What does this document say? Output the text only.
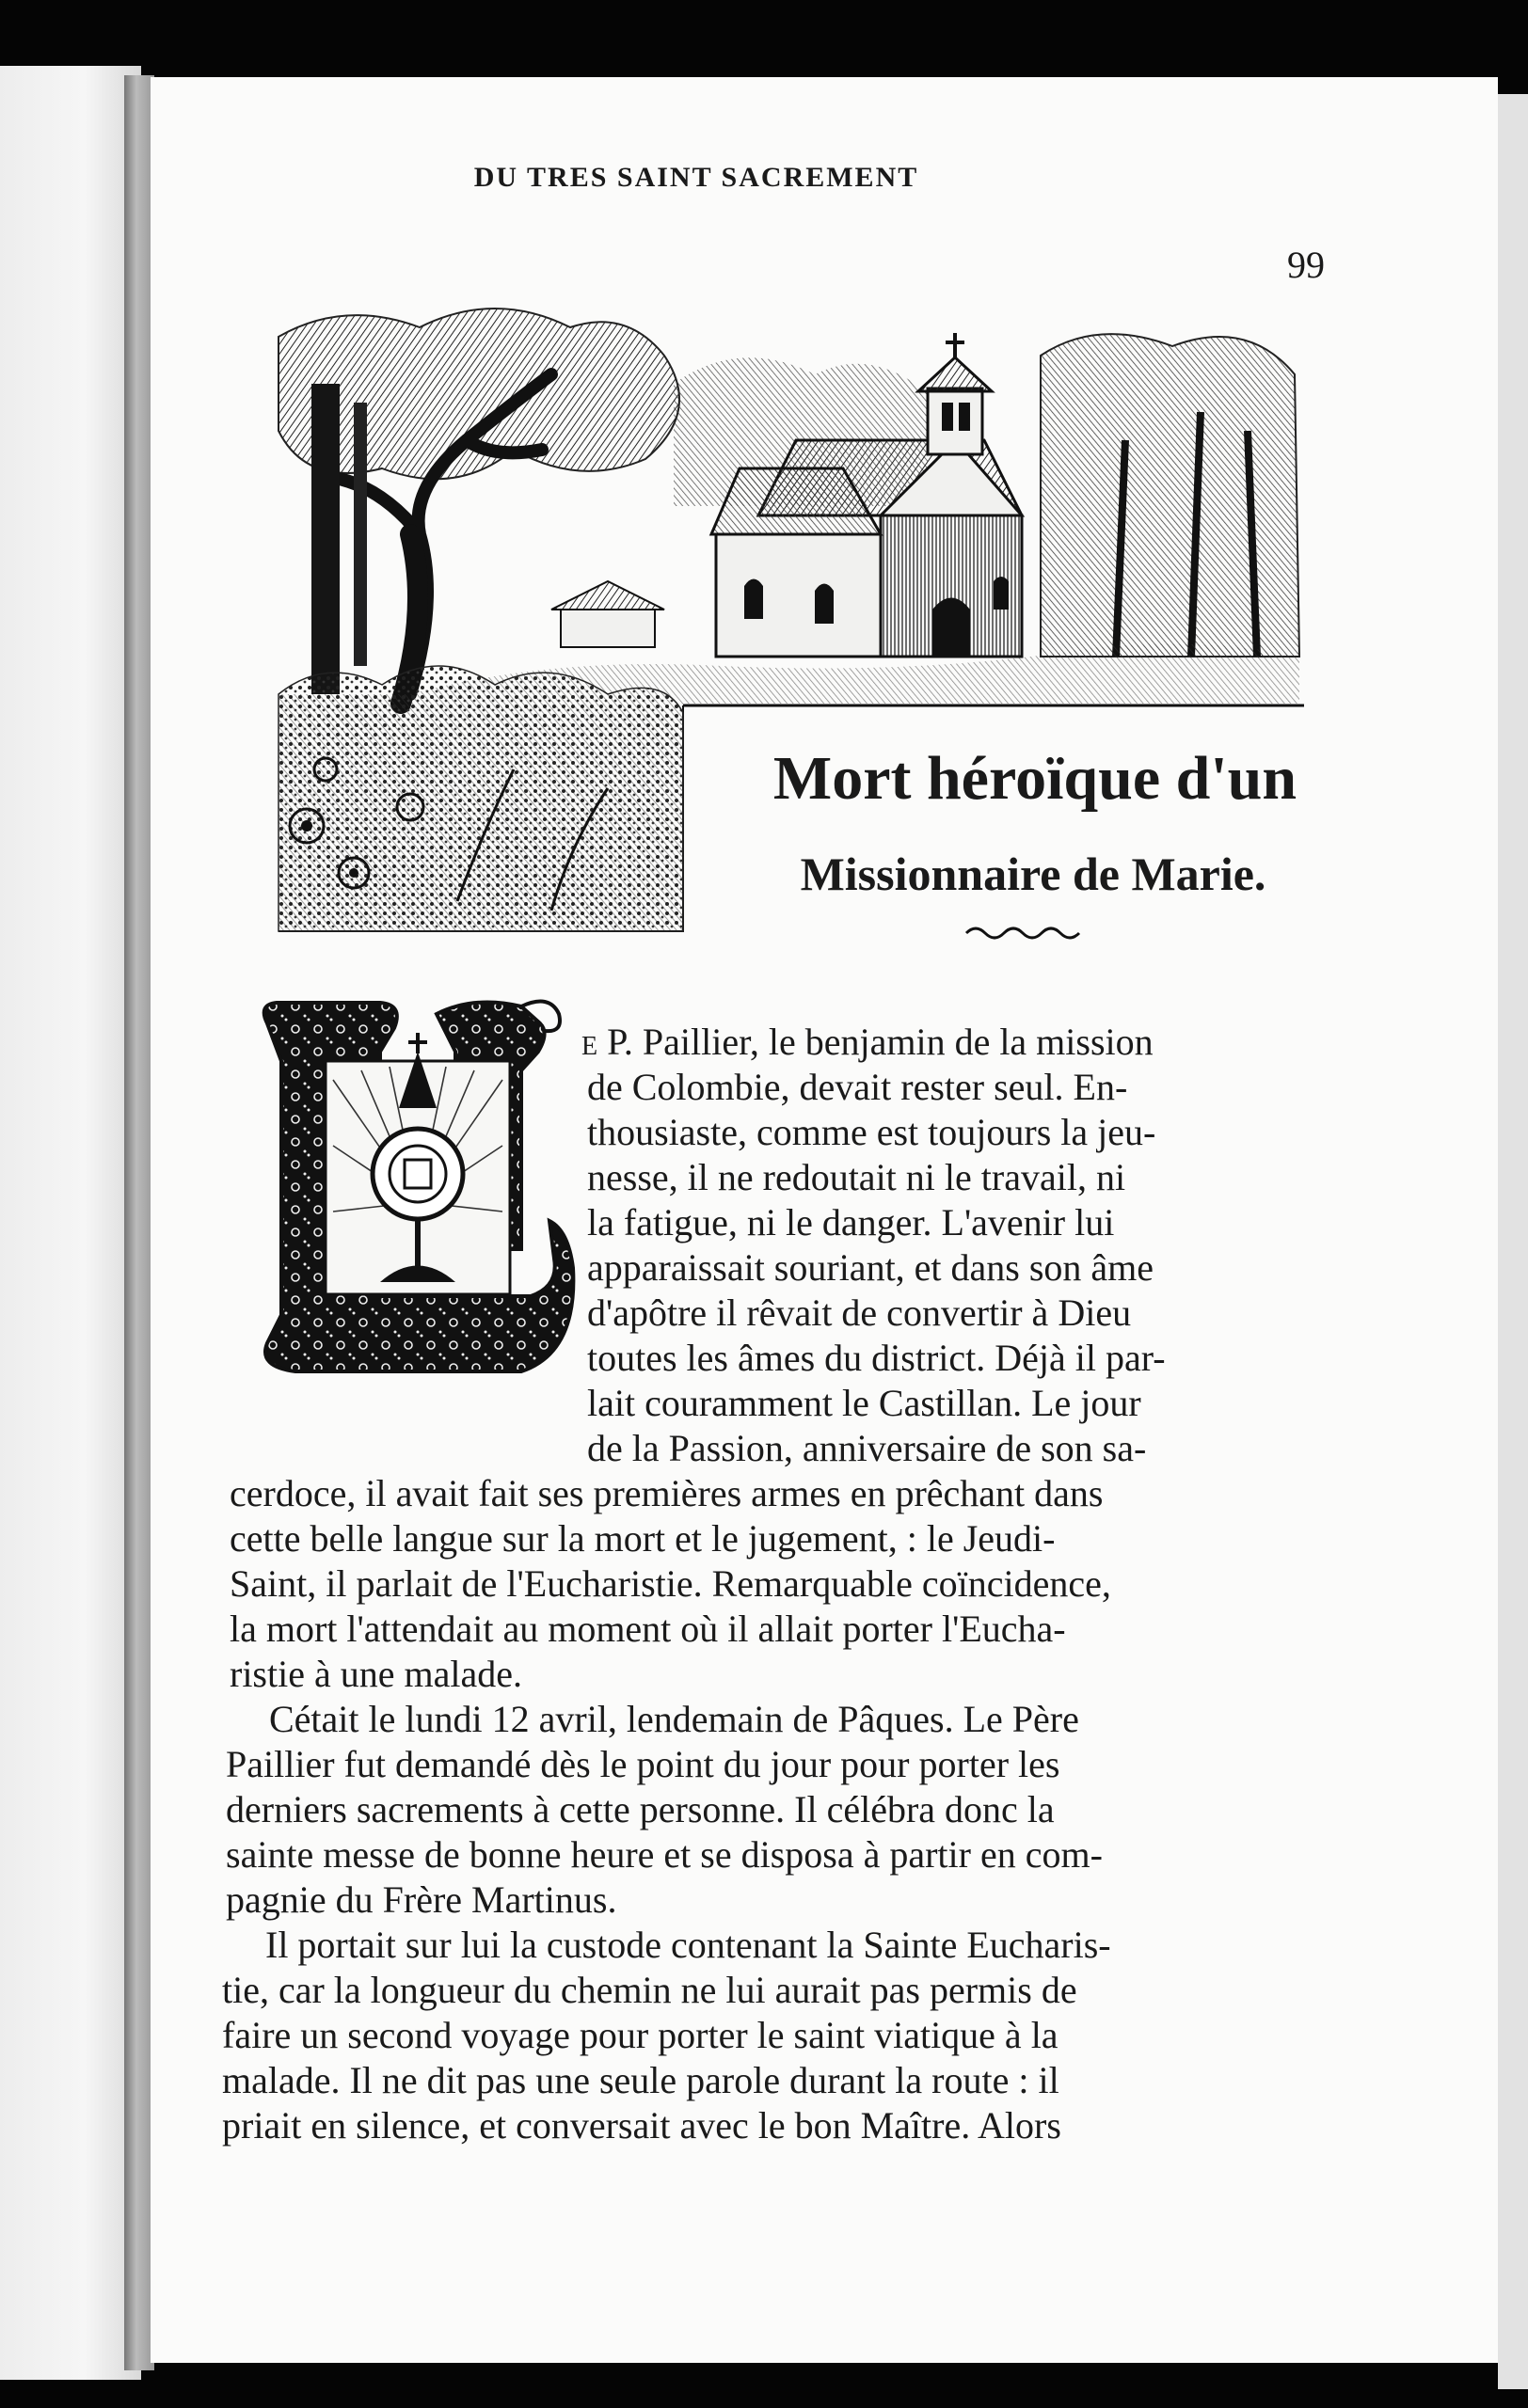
DU TRES SAINT SACREMENT
99
Mort héroïque d'un
Missionnaire de Marie.

E P. Paillier, le benjamin de la mission

de Colombie, devait rester seul. En-

thousiaste, comme est toujours la jeu-

nesse, il ne redoutait ni le travail, ni

la fatigue, ni le danger. L'avenir lui

apparaissait souriant, et dans son âme

d'apôtre il rêvait de convertir à Dieu

toutes les âmes du district. Déjà il par-

lait couramment le Castillan. Le jour

de la Passion, anniversaire de son sa-

cerdoce, il avait fait ses premières armes en prêchant dans

cette belle langue sur la mort et le jugement, : le Jeudi-

Saint, il parlait de l'Eucharistie. Remarquable coïncidence,

la mort l'attendait au moment où il allait porter l'Eucha-

ristie à une malade.

Cétait le lundi 12 avril, lendemain de Pâques. Le Père

Paillier fut demandé dès le point du jour pour porter les

derniers sacrements à cette personne. Il célébra donc la

sainte messe de bonne heure et se disposa à partir en com-

pagnie du Frère Martinus.

Il portait sur lui la custode contenant la Sainte Eucharis-

tie, car la longueur du chemin ne lui aurait pas permis de

faire un second voyage pour porter le saint viatique à la

malade. Il ne dit pas une seule parole durant la route : il

priait en silence, et conversait avec le bon Maître. Alors
